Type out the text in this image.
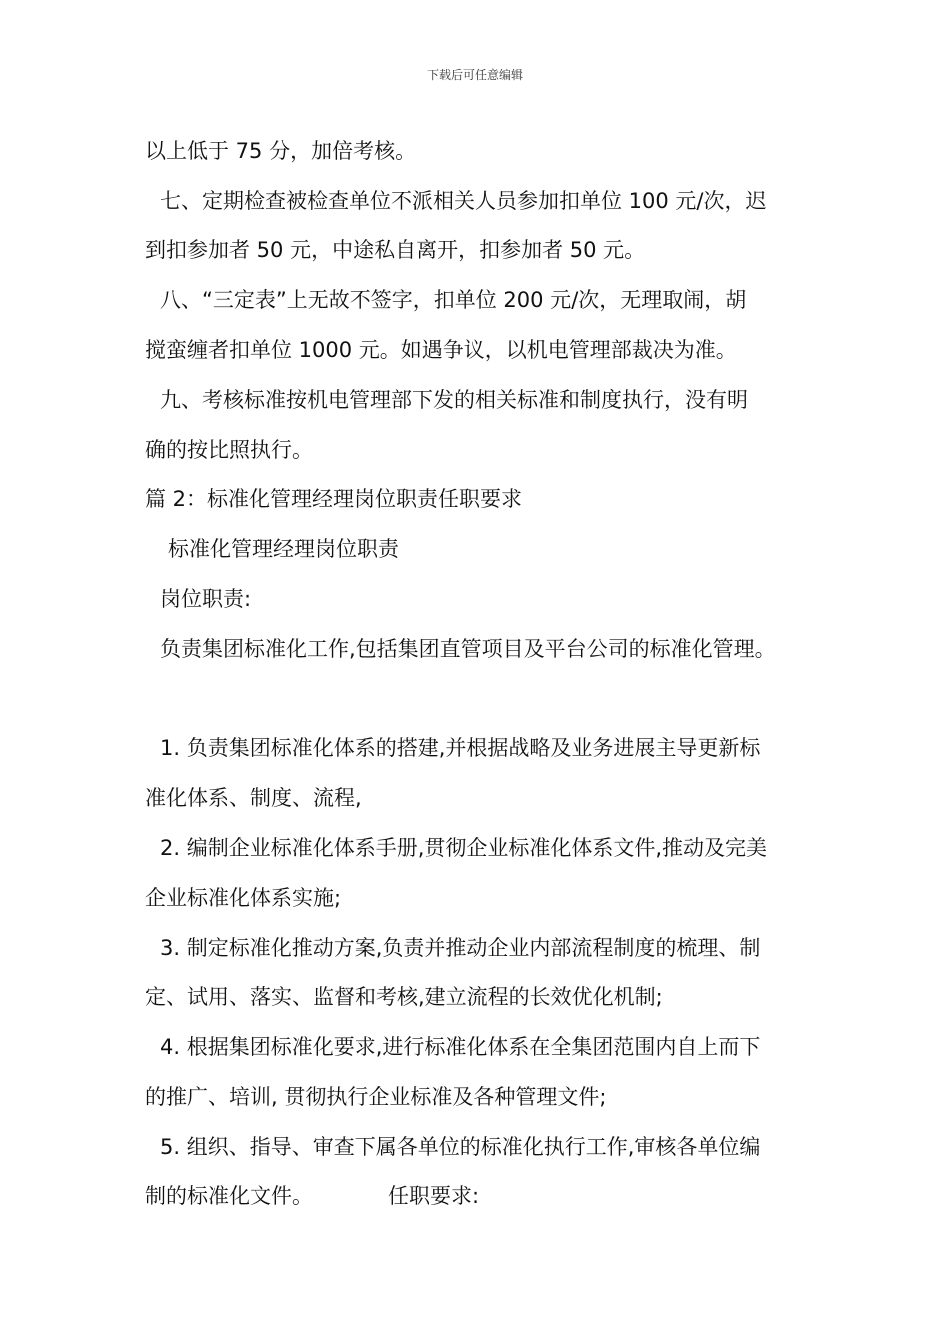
下载后可任意编辑
以上低于 75 分，加倍考核。
七、定期检查被检查单位不派相关人员参加扣单位 100 元/次，迟
到扣参加者 50 元，中途私自离开，扣参加者 50 元。
八、“三定表”上无故不签字，扣单位 200 元/次，无理取闹，胡
搅蛮缠者扣单位 1000 元。如遇争议，以机电管理部裁决为准。
九、考核标准按机电管理部下发的相关标准和制度执行，没有明
确的按比照执行。
篇 2：标准化管理经理岗位职责任职要求
标准化管理经理岗位职责
岗位职责:
负责集团标准化工作,包括集团直管项目及平台公司的标准化管理。
1. 负责集团标准化体系的搭建,并根据战略及业务进展主导更新标
准化体系、制度、流程,
2. 编制企业标准化体系手册,贯彻企业标准化体系文件,推动及完美
企业标准化体系实施;
3. 制定标准化推动方案,负责并推动企业内部流程制度的梳理、制
定、试用、落实、监督和考核,建立流程的长效优化机制;
4. 根据集团标准化要求,进行标准化体系在全集团范围内自上而下
的推广、培训, 贯彻执行企业标准及各种管理文件;
5. 组织、指导、审查下属各单位的标准化执行工作,审核各单位编
制的标准化文件。	任职要求:
